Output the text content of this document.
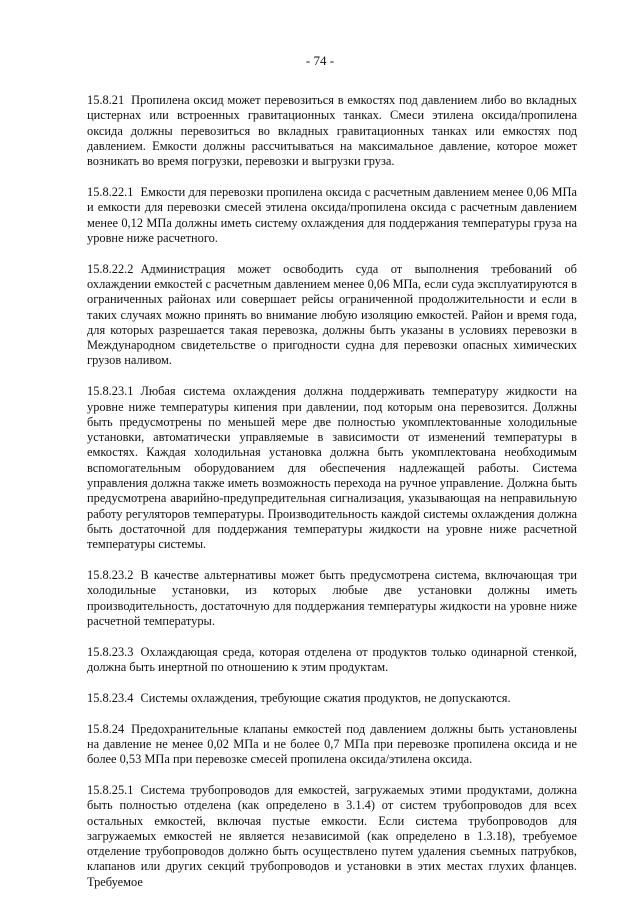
- 74 -

15.8.21 Пропилена оксид может перевозиться в емкостях под давлением либо во вкладных цистернах или встроенных гравитационных танках. Смеси этилена оксида/пропилена оксида должны перевозиться во вкладных гравитационных танках или емкостях под давлением. Емкости должны рассчитываться на максимальное давление, которое может возникать во время погрузки, перевозки и выгрузки груза.

15.8.22.1 Емкости для перевозки пропилена оксида с расчетным давлением менее 0,06 МПа и емкости для перевозки смесей этилена оксида/пропилена оксида с расчетным давлением менее 0,12 МПа должны иметь систему охлаждения для поддержания температуры груза на уровне ниже расчетного.

15.8.22.2 Администрация может освободить суда от выполнения требований об охлаждении емкостей с расчетным давлением менее 0,06 МПа, если суда эксплуатируются в ограниченных районах или совершает рейсы ограниченной продолжительности и если в таких случаях можно принять во внимание любую изоляцию емкостей. Район и время года, для которых разрешается такая перевозка, должны быть указаны в условиях перевозки в Международном свидетельстве о пригодности судна для перевозки опасных химических грузов наливом.

15.8.23.1 Любая система охлаждения должна поддерживать температуру жидкости на уровне ниже температуры кипения при давлении, под которым она перевозится. Должны быть предусмотрены по меньшей мере две полностью укомплектованные холодильные установки, автоматически управляемые в зависимости от изменений температуры в емкостях. Каждая холодильная установка должна быть укомплектована необходимым вспомогательным оборудованием для обеспечения надлежащей работы. Система управления должна также иметь возможность перехода на ручное управление. Должна быть предусмотрена аварийно-предупредительная сигнализация, указывающая на неправильную работу регуляторов температуры. Производительность каждой системы охлаждения должна быть достаточной для поддержания температуры жидкости на уровне ниже расчетной температуры системы.

15.8.23.2 В качестве альтернативы может быть предусмотрена система, включающая три холодильные установки, из которых любые две установки должны иметь производительность, достаточную для поддержания температуры жидкости на уровне ниже расчетной температуры.

15.8.23.3 Охлаждающая среда, которая отделена от продуктов только одинарной стенкой, должна быть инертной по отношению к этим продуктам.

15.8.23.4 Системы охлаждения, требующие сжатия продуктов, не допускаются.

15.8.24 Предохранительные клапаны емкостей под давлением должны быть установлены на давление не менее 0,02 МПа и не более 0,7 МПа при перевозке пропилена оксида и не более 0,53 МПа при перевозке смесей пропилена оксида/этилена оксида.

15.8.25.1 Система трубопроводов для емкостей, загружаемых этими продуктами, должна быть полностью отделена (как определено в 3.1.4) от систем трубопроводов для всех остальных емкостей, включая пустые емкости. Если система трубопроводов для загружаемых емкостей не является независимой (как определено в 1.3.18), требуемое отделение трубопроводов должно быть осуществлено путем удаления съемных патрубков, клапанов или других секций трубопроводов и установки в этих местах глухих фланцев. Требуемое
